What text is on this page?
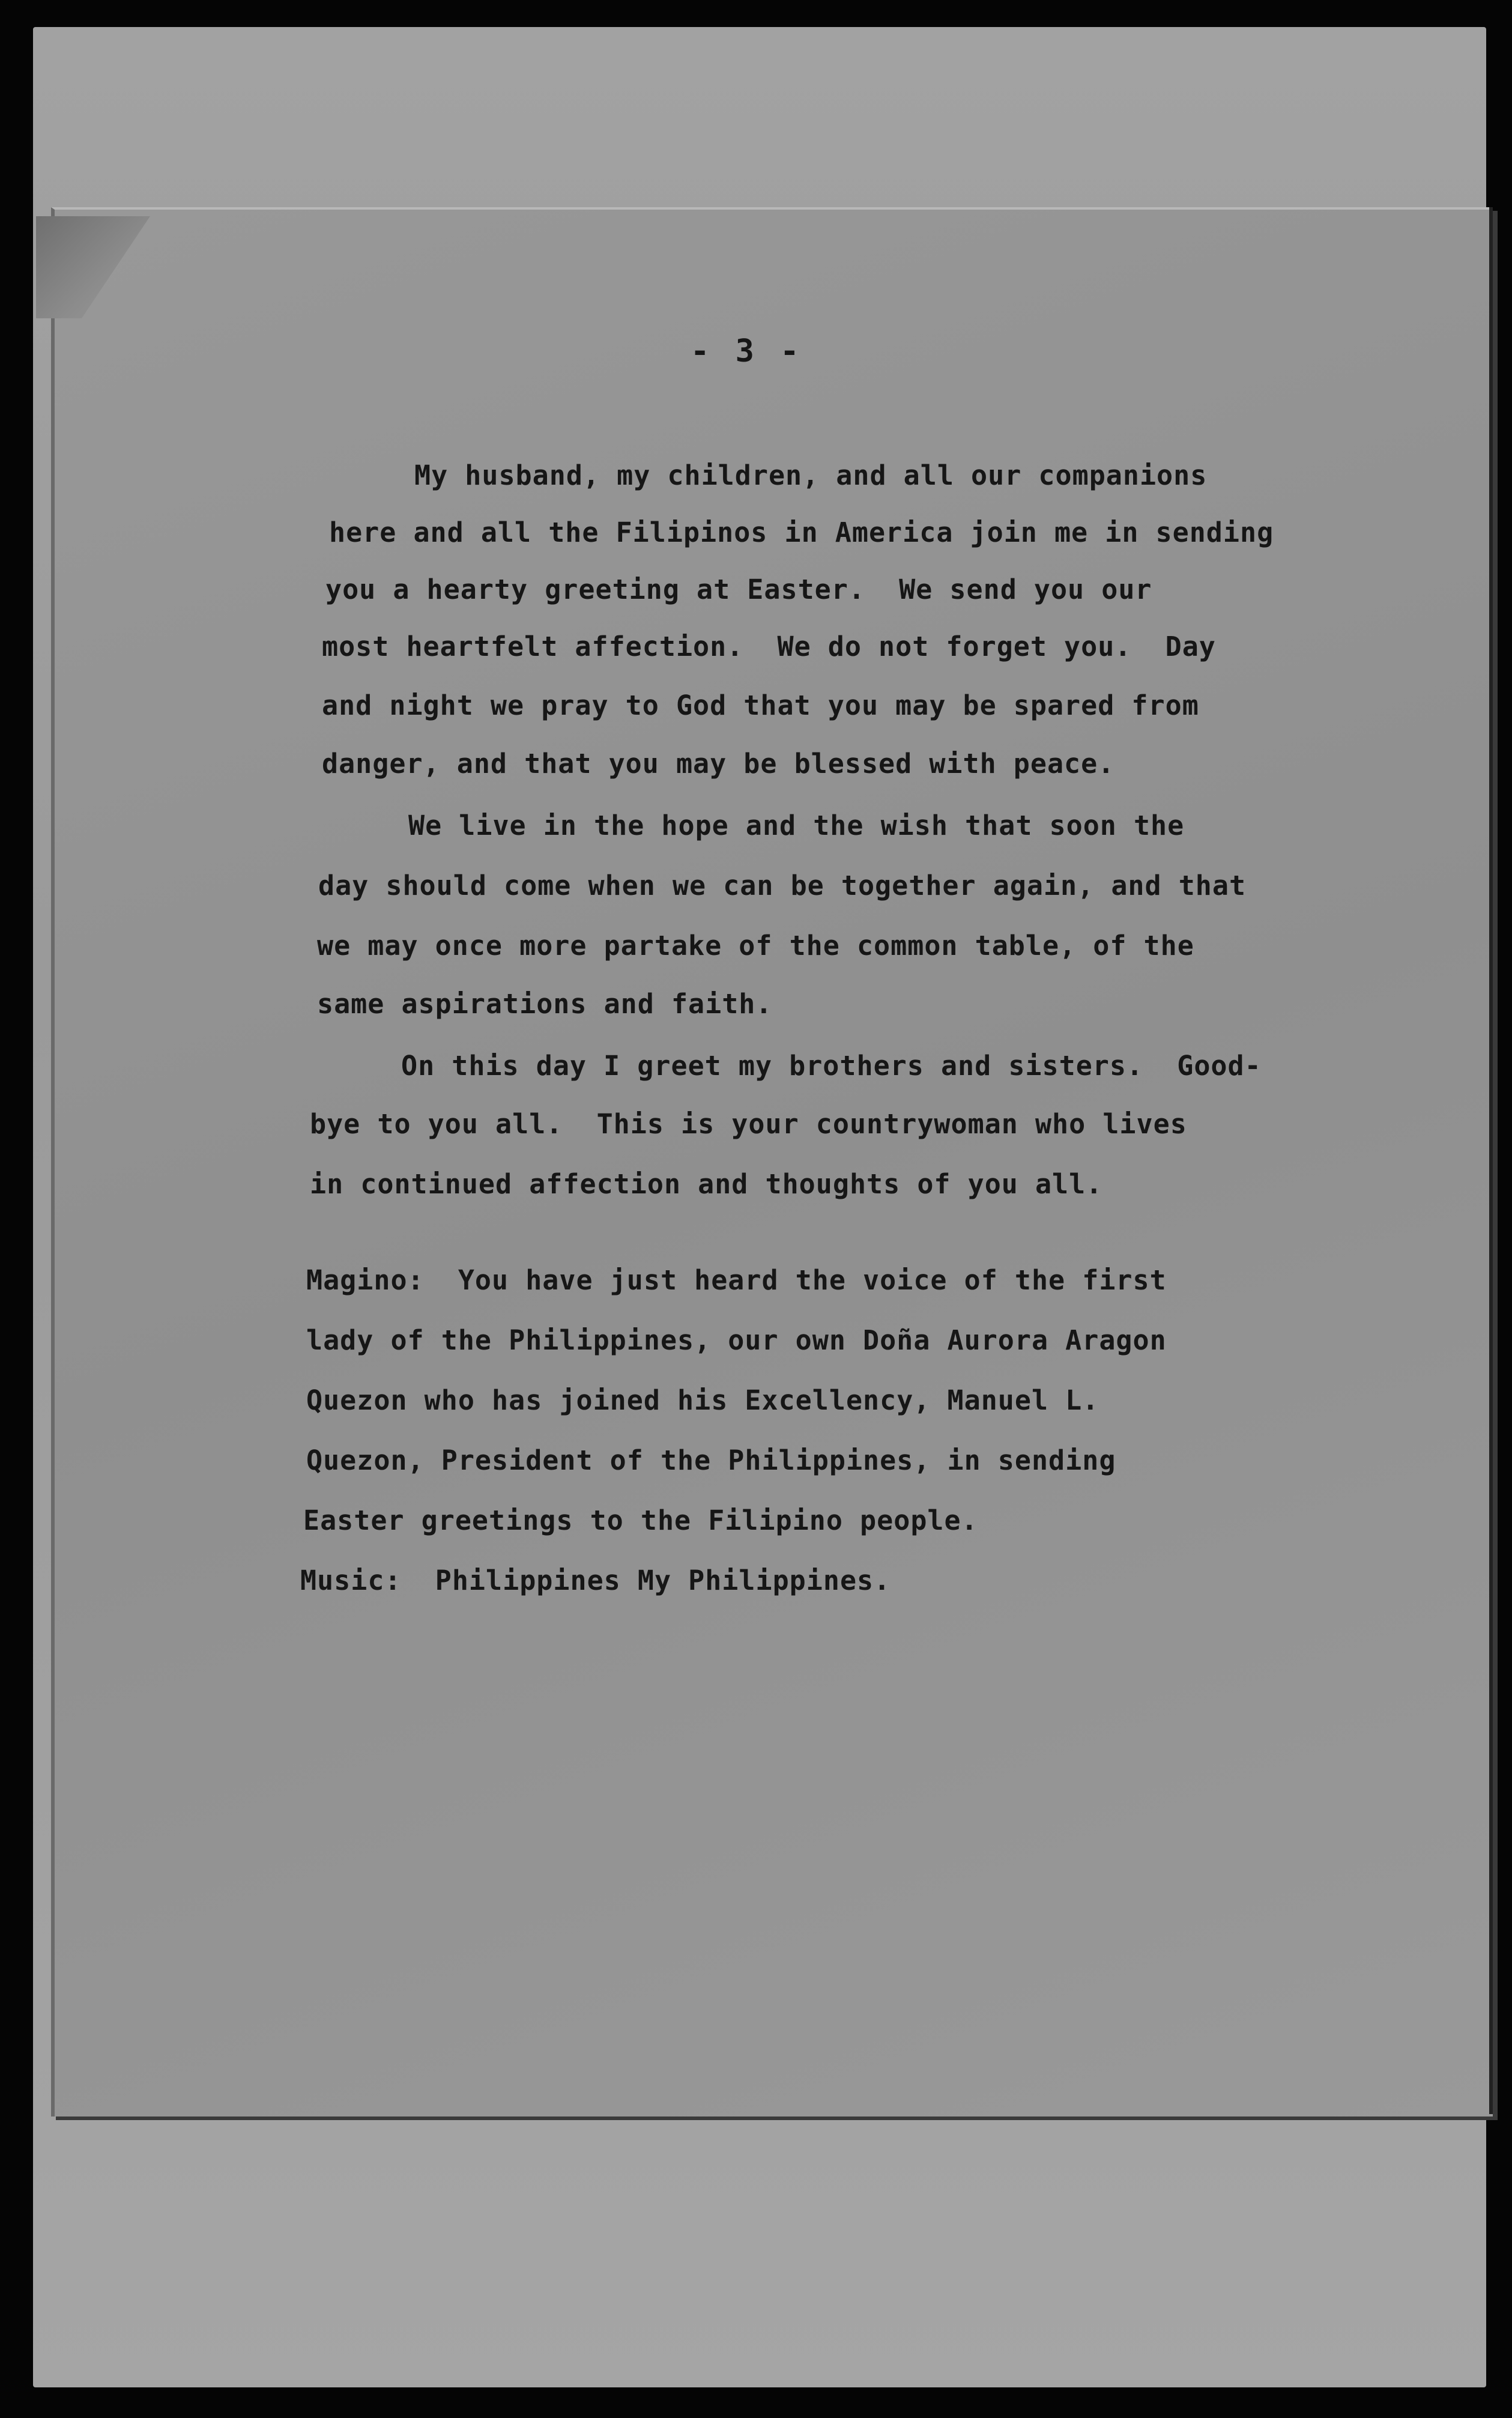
- 3 -
My husband, my children, and all our companions
here and all the Filipinos in America join me in sending
you a hearty greeting at Easter.  We send you our
most heartfelt affection.  We do not forget you.  Day
and night we pray to God that you may be spared from
danger, and that you may be blessed with peace.
We live in the hope and the wish that soon the
day should come when we can be together again, and that
we may once more partake of the common table, of the
same aspirations and faith.
On this day I greet my brothers and sisters.  Good-
bye to you all.  This is your countrywoman who lives
in continued affection and thoughts of you all.
Magino:  You have just heard the voice of the first
lady of the Philippines, our own Doña Aurora Aragon
Quezon who has joined his Excellency, Manuel L.
Quezon, President of the Philippines, in sending
Easter greetings to the Filipino people.
Music:  Philippines My Philippines.
